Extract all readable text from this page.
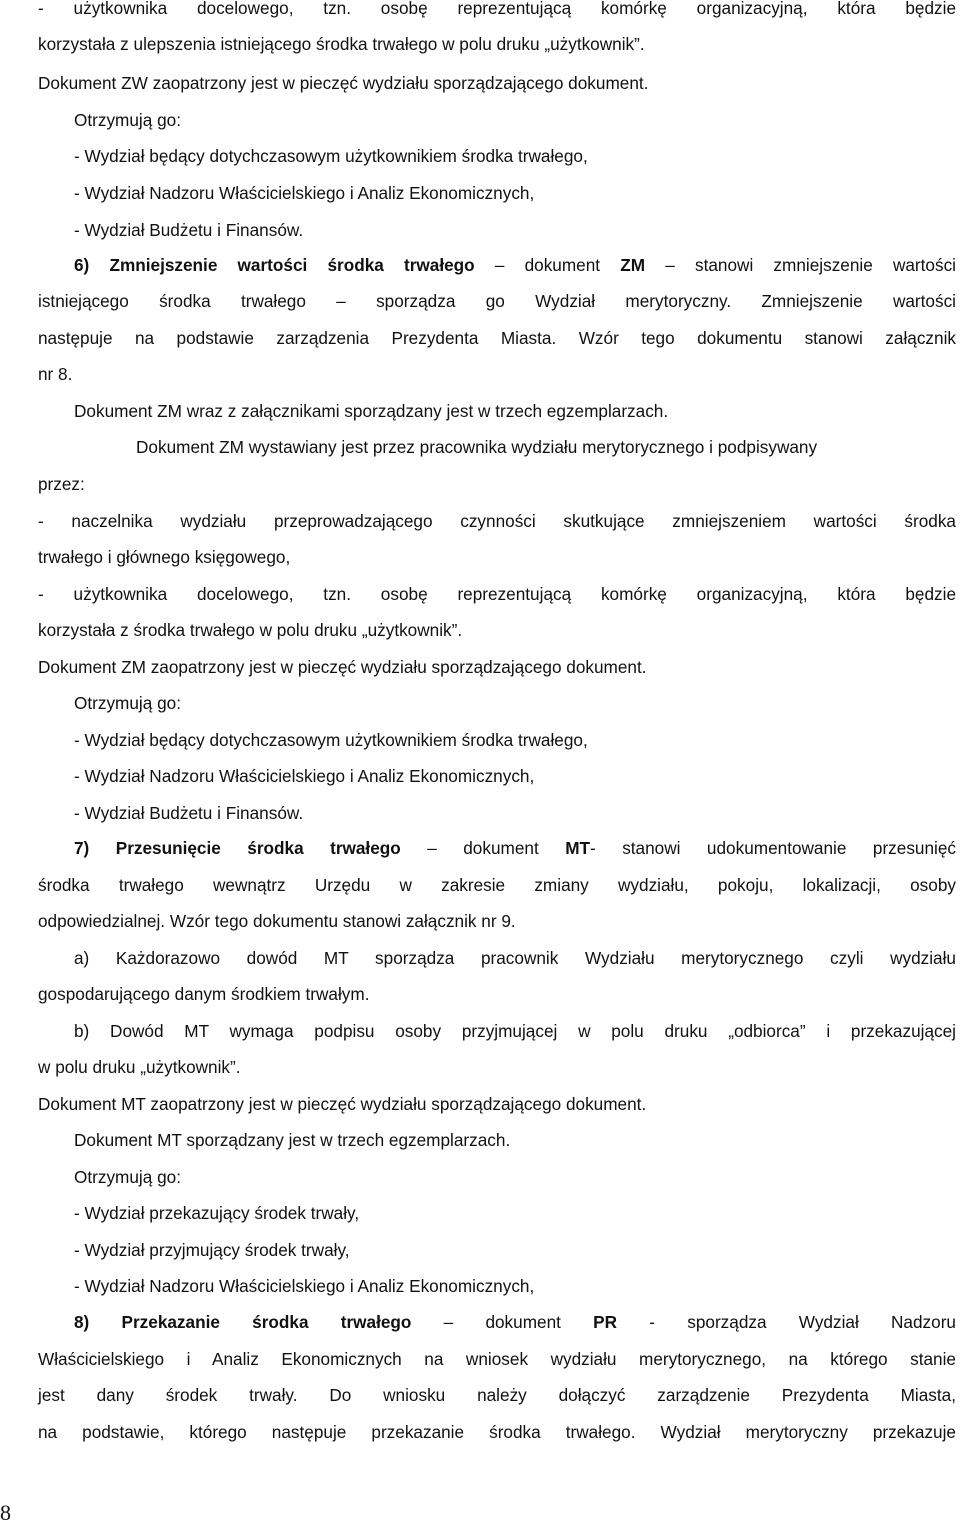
- użytkownika docelowego, tzn. osobę reprezentującą komórkę organizacyjną, która będzie
korzystała z ulepszenia istniejącego środka trwałego w polu druku „użytkownik”.
Dokument ZW zaopatrzony jest w pieczęć wydziału sporządzającego dokument.
Otrzymują go:
- Wydział będący dotychczasowym użytkownikiem środka trwałego,
- Wydział Nadzoru Właścicielskiego i Analiz Ekonomicznych,
- Wydział Budżetu i Finansów.
6) Zmniejszenie wartości środka trwałego – dokument ZM – stanowi zmniejszenie wartości
istniejącego środka trwałego – sporządza go Wydział merytoryczny. Zmniejszenie wartości
następuje na podstawie zarządzenia Prezydenta Miasta. Wzór tego dokumentu stanowi załącznik
nr 8.
Dokument ZM wraz z załącznikami sporządzany jest w trzech egzemplarzach.
Dokument ZM wystawiany jest przez pracownika wydziału merytorycznego i podpisywany
przez:
- naczelnika wydziału przeprowadzającego czynności skutkujące zmniejszeniem wartości środka
trwałego i głównego księgowego,
- użytkownika docelowego, tzn. osobę reprezentującą komórkę organizacyjną, która będzie
korzystała z środka trwałego w polu druku „użytkownik”.
Dokument ZM zaopatrzony jest w pieczęć wydziału sporządzającego dokument.
Otrzymują go:
- Wydział będący dotychczasowym użytkownikiem środka trwałego,
- Wydział Nadzoru Właścicielskiego i Analiz Ekonomicznych,
- Wydział Budżetu i Finansów.
7) Przesunięcie środka trwałego – dokument MT- stanowi udokumentowanie przesunięć
środka trwałego wewnątrz Urzędu w zakresie zmiany wydziału, pokoju, lokalizacji, osoby
odpowiedzialnej. Wzór tego dokumentu stanowi załącznik nr 9.
a) Każdorazowo dowód MT sporządza pracownik Wydziału merytorycznego czyli wydziału
gospodarującego danym środkiem trwałym.
b) Dowód MT wymaga podpisu osoby przyjmującej w polu druku „odbiorca” i przekazującej
w polu druku „użytkownik”.
Dokument MT zaopatrzony jest w pieczęć wydziału sporządzającego dokument.
Dokument MT sporządzany jest w trzech egzemplarzach.
Otrzymują go:
- Wydział przekazujący środek trwały,
- Wydział przyjmujący środek trwały,
- Wydział Nadzoru Właścicielskiego i Analiz Ekonomicznych,
8) Przekazanie środka trwałego – dokument PR - sporządza Wydział Nadzoru
Właścicielskiego i Analiz Ekonomicznych na wniosek wydziału merytorycznego, na którego stanie
jest dany środek trwały. Do wniosku należy dołączyć zarządzenie Prezydenta Miasta,
na podstawie, którego następuje przekazanie środka trwałego. Wydział merytoryczny przekazuje
8
